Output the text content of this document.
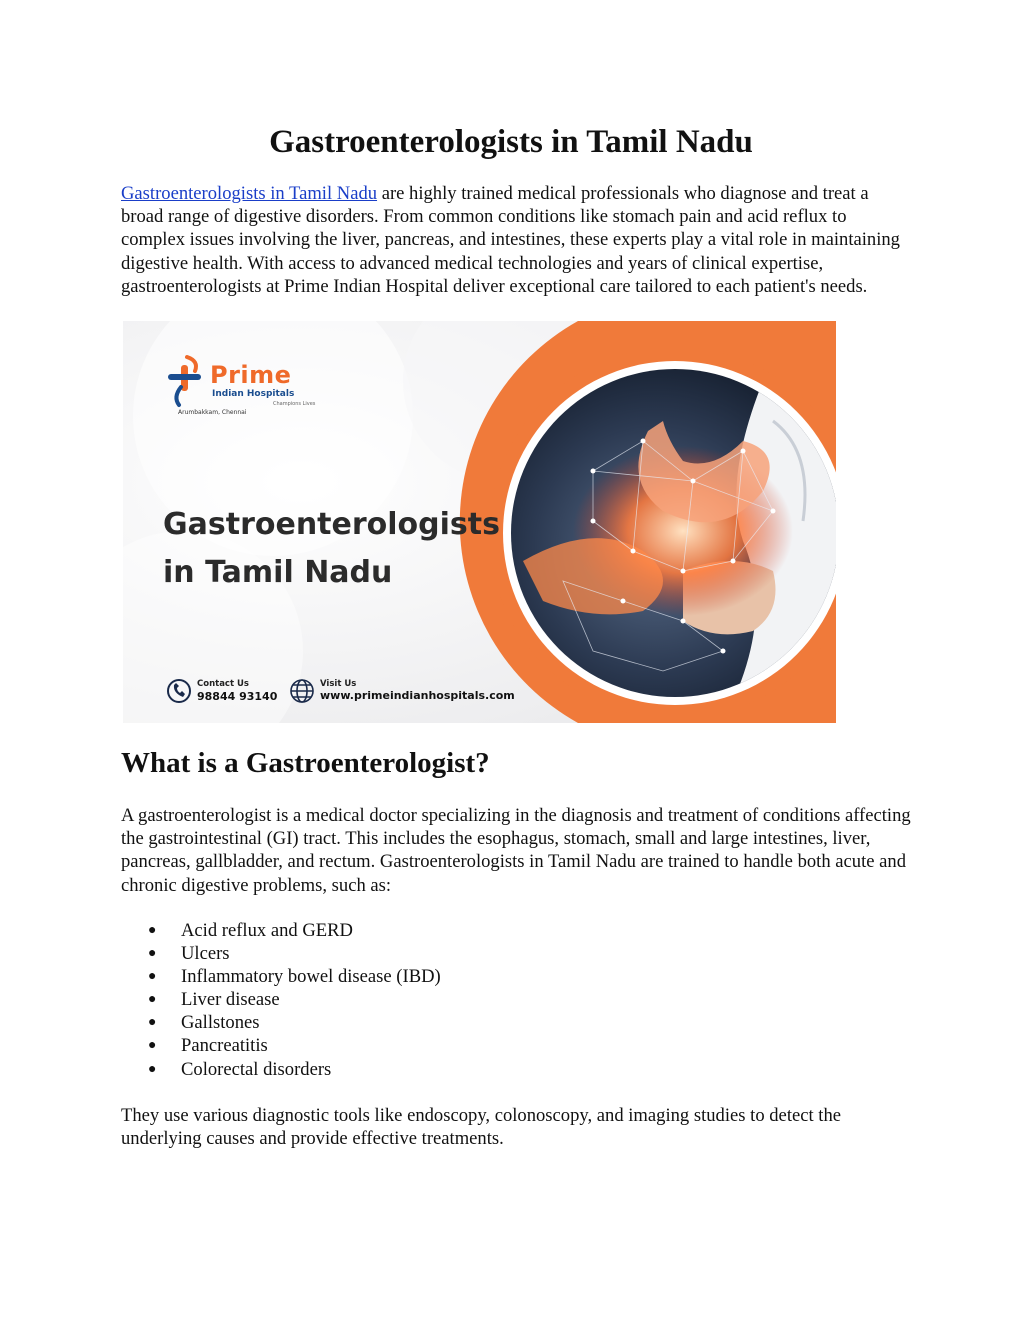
Gastroenterologists in Tamil Nadu

Gastroenterologists in Tamil Nadu are highly trained medical professionals who diagnose and treat a broad range of digestive disorders. From common conditions like stomach pain and acid reflux to complex issues involving the liver, pancreas, and intestines, these experts play a vital role in maintaining digestive health. With access to advanced medical technologies and years of clinical expertise, gastroenterologists at Prime Indian Hospital deliver exceptional care tailored to each patient's needs.

Prime
Indian Hospitals
Champions Lives
Arumbakkam, Chennai
Gastroenterologists
in Tamil Nadu
Contact Us
98844 93140
Visit Us
www.primeindianhospitals.com
What is a Gastroenterologist?

A gastroenterologist is a medical doctor specializing in the diagnosis and treatment of conditions affecting the gastrointestinal (GI) tract. This includes the esophagus, stomach, small and large intestines, liver, pancreas, gallbladder, and rectum. Gastroenterologists in Tamil Nadu are trained to handle both acute and chronic digestive problems, such as:

● Acid reflux and GERD
● Ulcers
● Inflammatory bowel disease (IBD)
● Liver disease
● Gallstones
● Pancreatitis
● Colorectal disorders

They use various diagnostic tools like endoscopy, colonoscopy, and imaging studies to detect the underlying causes and provide effective treatments.
